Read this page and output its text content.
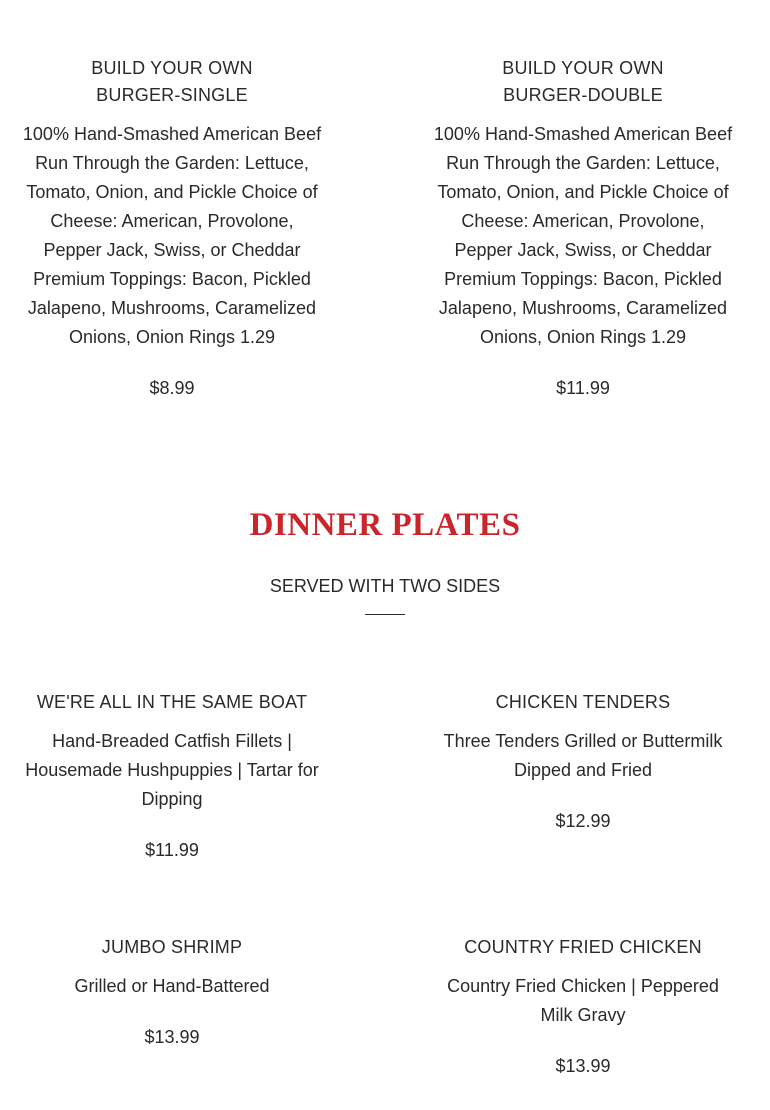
BUILD YOUR OWN BURGER-SINGLE

100% Hand-Smashed American Beef Run Through the Garden: Lettuce, Tomato, Onion, and Pickle Choice of Cheese: American, Provolone, Pepper Jack, Swiss, or Cheddar Premium Toppings: Bacon, Pickled Jalapeno, Mushrooms, Caramelized Onions, Onion Rings 1.29

$8.99

BUILD YOUR OWN BURGER-DOUBLE

100% Hand-Smashed American Beef Run Through the Garden: Lettuce, Tomato, Onion, and Pickle Choice of Cheese: American, Provolone, Pepper Jack, Swiss, or Cheddar Premium Toppings: Bacon, Pickled Jalapeno, Mushrooms, Caramelized Onions, Onion Rings 1.29

$11.99

DINNER PLATES

SERVED WITH TWO SIDES

WE'RE ALL IN THE SAME BOAT

Hand-Breaded Catfish Fillets | Housemade Hushpuppies | Tartar for Dipping

$11.99

CHICKEN TENDERS

Three Tenders Grilled or Buttermilk Dipped and Fried

$12.99

JUMBO SHRIMP

Grilled or Hand-Battered

$13.99

COUNTRY FRIED CHICKEN

Country Fried Chicken | Peppered Milk Gravy

$13.99
